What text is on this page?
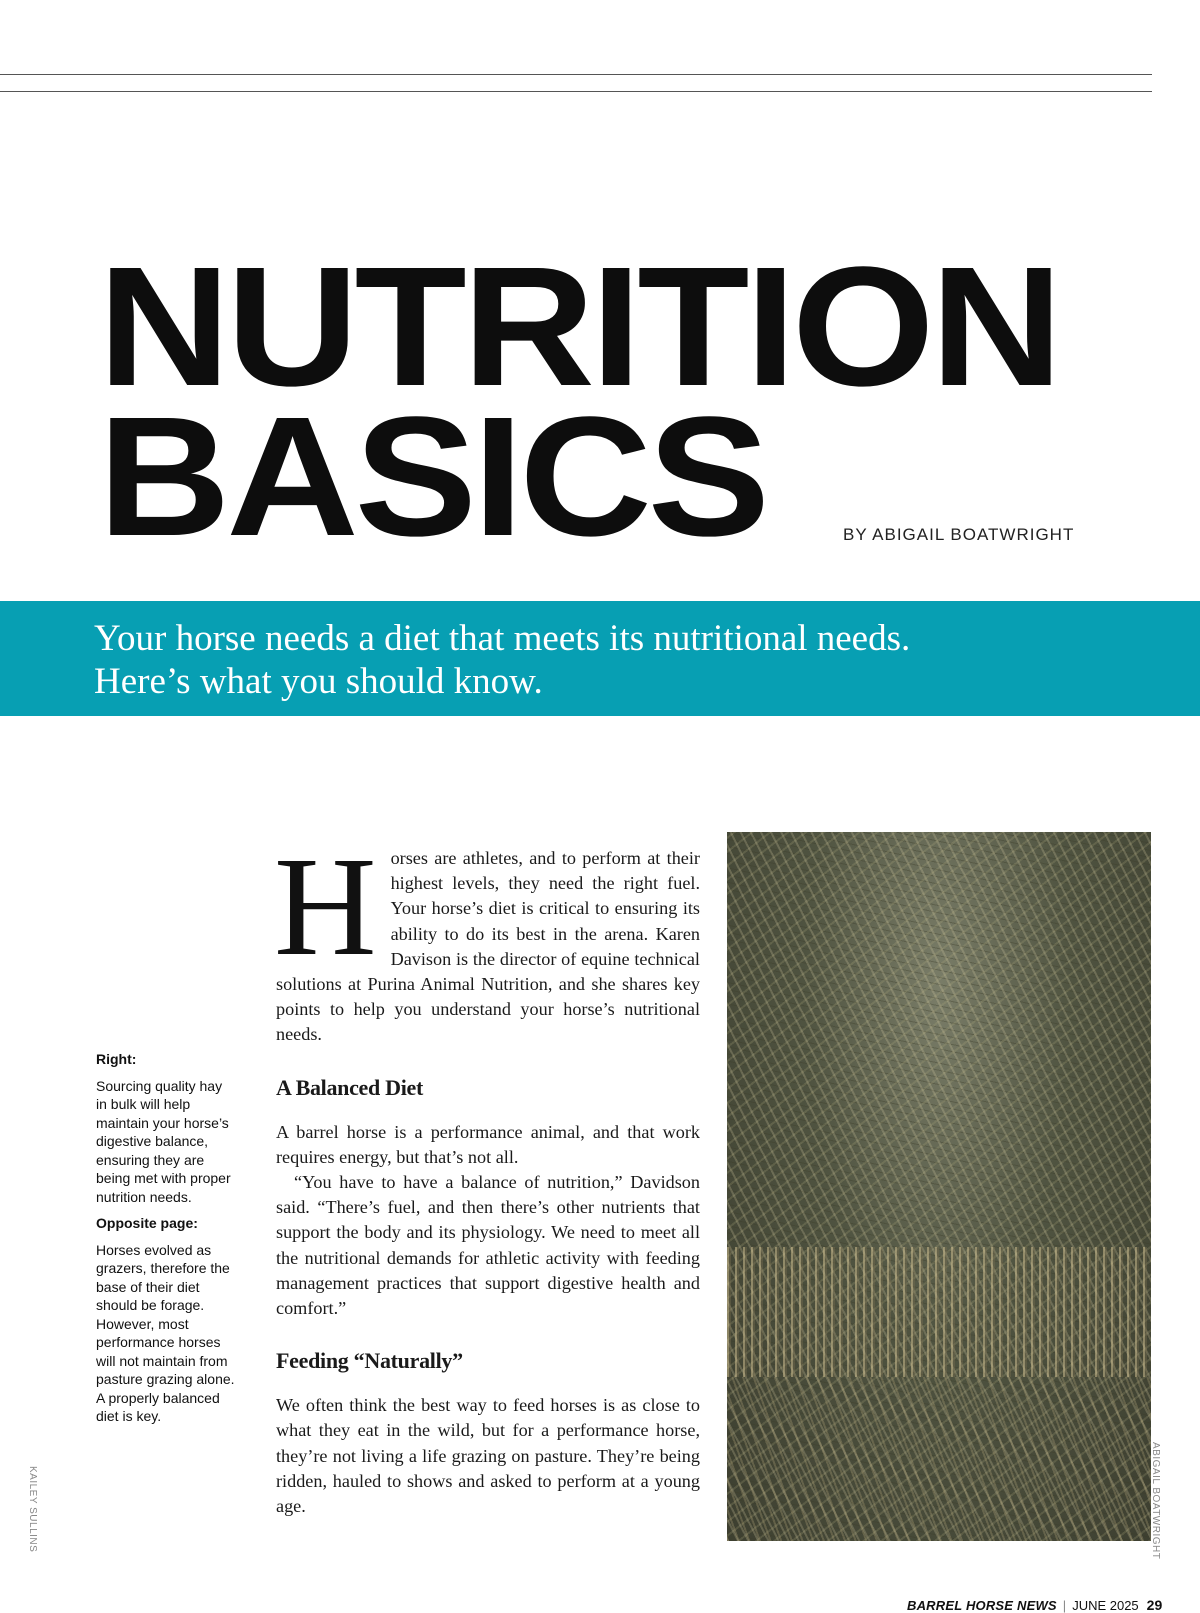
NUTRITION
BASICS	BY ABIGAIL BOATWRIGHT
Your horse needs a diet that meets its nutritional needs.
Here’s what you should know.
Right:
Sourcing quality hay in bulk will help maintain your horse’s digestive balance, ensuring they are being met with proper nutrition needs.
Opposite page:
Horses evolved as grazers, therefore the base of their diet should be forage. However, most performance horses will not maintain from pasture grazing alone. A properly balanced diet is key.
KAILEY SULLINS

Horses are athletes, and to perform at their highest levels, they need the right fuel. Your horse’s diet is critical to ensuring its ability to do its best in the arena. Karen Davison is the director of equine technical solutions at Purina Animal Nutrition, and she shares key points to help you understand your horse’s nutritional needs.

A Balanced Diet

A barrel horse is a performance animal, and that work requires energy, but that’s not all.

“You have to have a balance of nutrition,” Davidson said. “There’s fuel, and then there’s other nutrients that support the body and its physiology. We need to meet all the nutritional demands for athletic activity with feeding management practices that support digestive health and comfort.”

Feeding “Naturally”

We often think the best way to feed horses is as close to what they eat in the wild, but for a performance horse, they’re not living a life grazing on pasture. They’re being ridden, hauled to shows and asked to perform at a young age.	ABIGAIL BOATWRIGHT
BARREL HORSE NEWS | JUNE 2025 29
